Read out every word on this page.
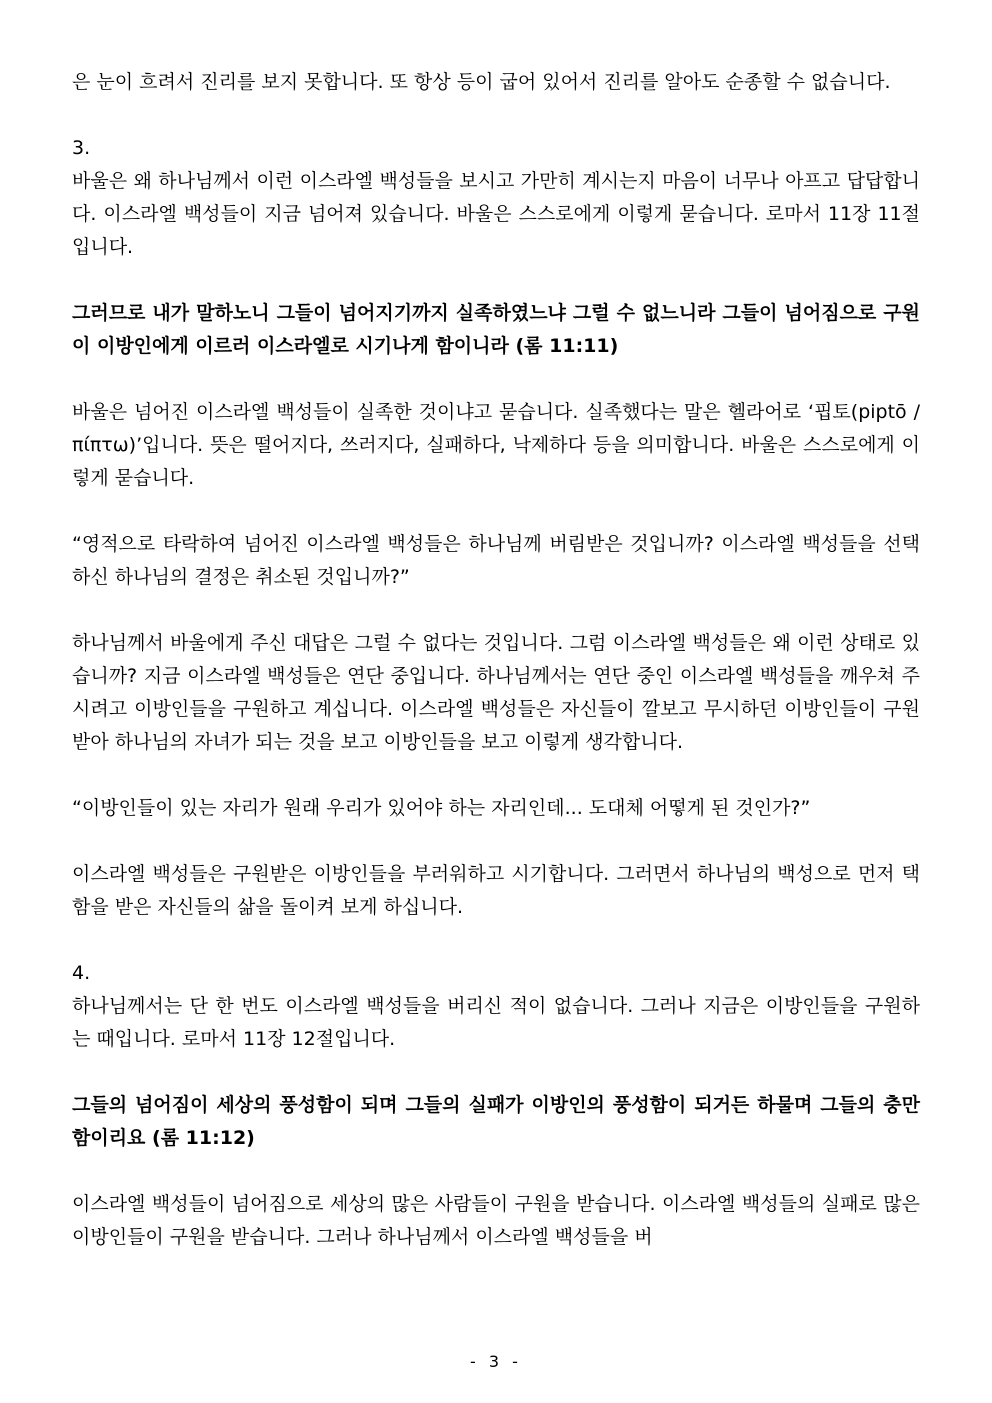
은 눈이 흐려서 진리를 보지 못합니다. 또 항상 등이 굽어 있어서 진리를 알아도 순종할 수 없습니다.

3.

바울은 왜 하나님께서 이런 이스라엘 백성들을 보시고 가만히 계시는지 마음이 너무나 아프고 답답합니다. 이스라엘 백성들이 지금 넘어져 있습니다. 바울은 스스로에게 이렇게 묻습니다. 로마서 11장 11절입니다.

그러므로 내가 말하노니 그들이 넘어지기까지 실족하였느냐 그럴 수 없느니라 그들이 넘어짐으로 구원이 이방인에게 이르러 이스라엘로 시기나게 함이니라 (롬 11:11)

바울은 넘어진 이스라엘 백성들이 실족한 것이냐고 묻습니다. 실족했다는 말은 헬라어로 ‘핍토(piptō / πίπτω)’입니다. 뜻은 떨어지다, 쓰러지다, 실패하다, 낙제하다 등을 의미합니다. 바울은 스스로에게 이렇게 묻습니다.

“영적으로 타락하여 넘어진 이스라엘 백성들은 하나님께 버림받은 것입니까? 이스라엘 백성들을 선택하신 하나님의 결정은 취소된 것입니까?”

하나님께서 바울에게 주신 대답은 그럴 수 없다는 것입니다. 그럼 이스라엘 백성들은 왜 이런 상태로 있습니까? 지금 이스라엘 백성들은 연단 중입니다. 하나님께서는 연단 중인 이스라엘 백성들을 깨우쳐 주시려고 이방인들을 구원하고 계십니다. 이스라엘 백성들은 자신들이 깔보고 무시하던 이방인들이 구원받아 하나님의 자녀가 되는 것을 보고 이방인들을 보고 이렇게 생각합니다.

“이방인들이 있는 자리가 원래 우리가 있어야 하는 자리인데... 도대체 어떻게 된 것인가?”

이스라엘 백성들은 구원받은 이방인들을 부러워하고 시기합니다. 그러면서 하나님의 백성으로 먼저 택함을 받은 자신들의 삶을 돌이켜 보게 하십니다.

4.

하나님께서는 단 한 번도 이스라엘 백성들을 버리신 적이 없습니다. 그러나 지금은 이방인들을 구원하는 때입니다. 로마서 11장 12절입니다.

그들의 넘어짐이 세상의 풍성함이 되며 그들의 실패가 이방인의 풍성함이 되거든 하물며 그들의 충만함이리요 (롬 11:12)

이스라엘 백성들이 넘어짐으로 세상의 많은 사람들이 구원을 받습니다. 이스라엘 백성들의 실패로 많은 이방인들이 구원을 받습니다. 그러나 하나님께서 이스라엘 백성들을 버

- 3 -
